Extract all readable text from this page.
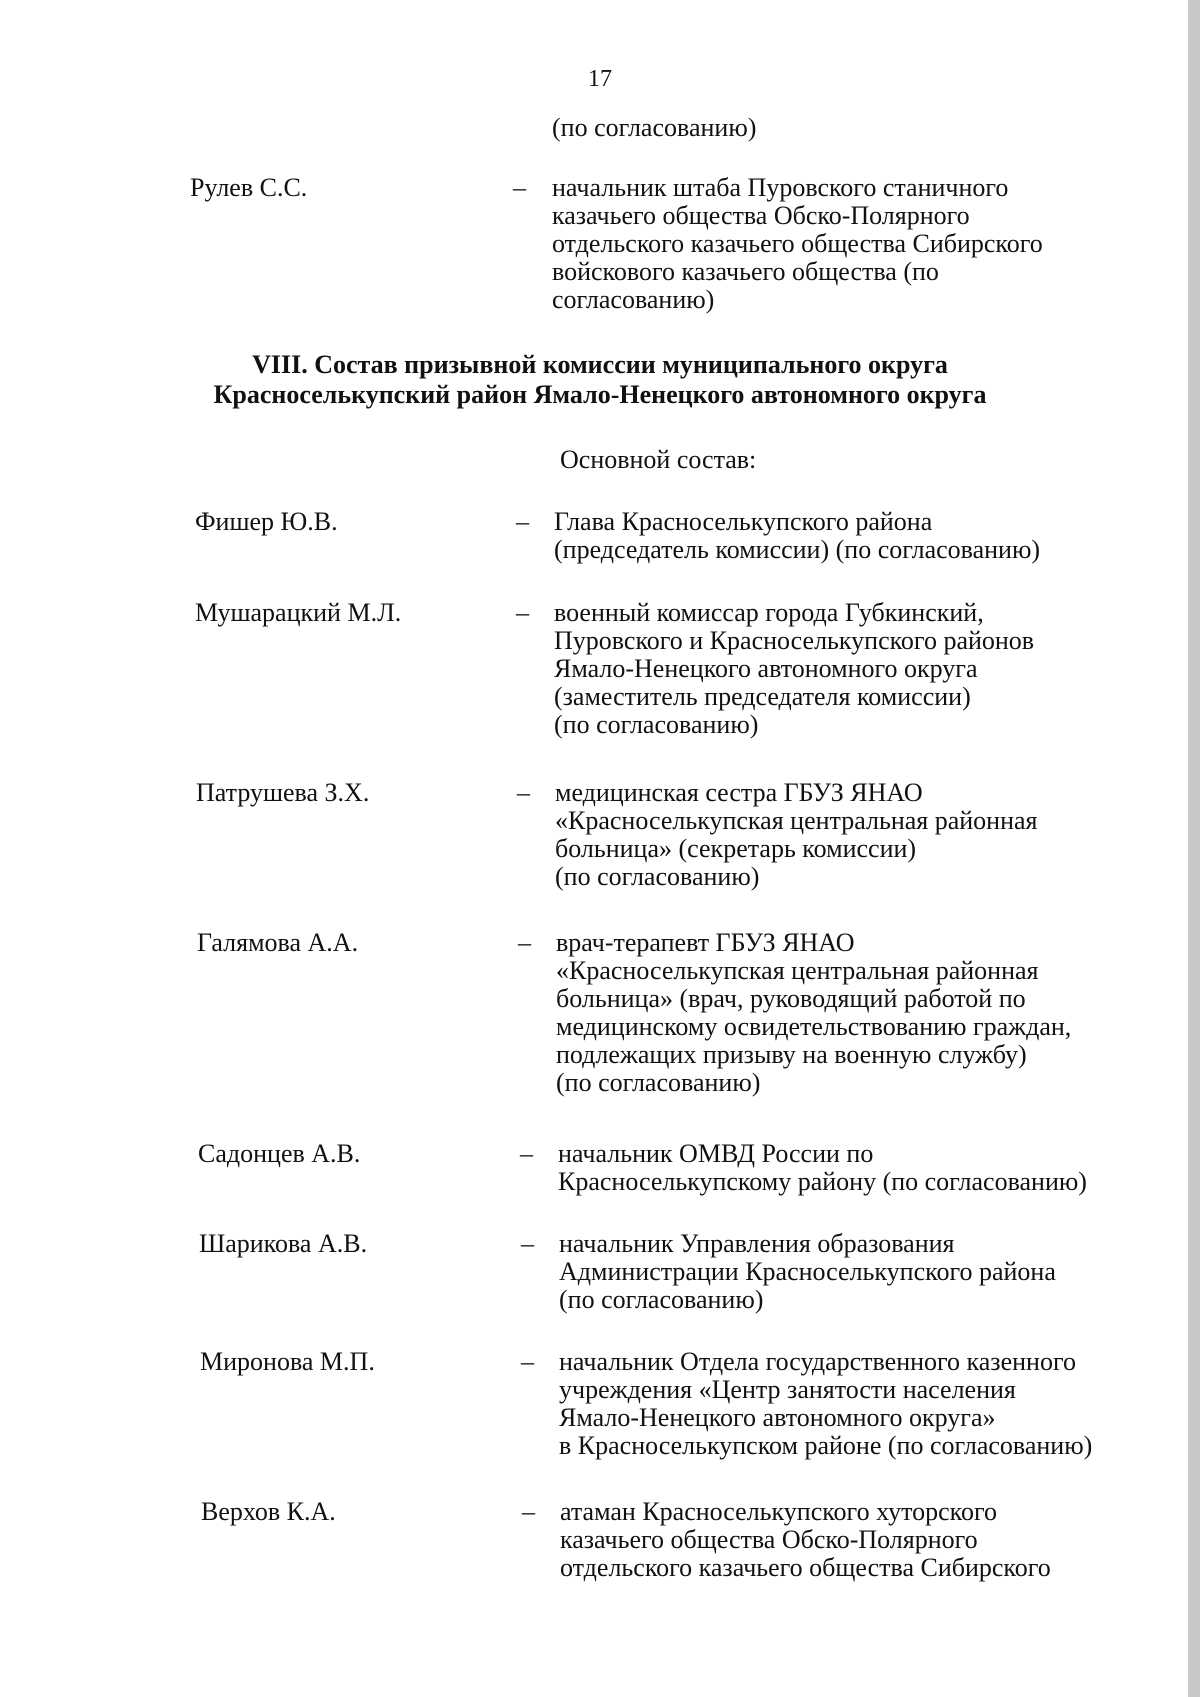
17
(по согласованию)
Рулев С.С.	– начальник штаба Пуровского станичного
казачьего общества Обско-Полярного
отдельского казачьего общества Сибирского
войскового казачьего общества (по
согласованию)
VIII. Состав призывной комиссии муниципального округа
Красноселькупский район Ямало-Ненецкого автономного округа
Основной состав:
Фишер Ю.В.	– Глава Красноселькупского района
(председатель комиссии) (по согласованию)
Мушарацкий М.Л.	– военный комиссар города Губкинский,
Пуровского и Красноселькупского районов
Ямало-Ненецкого автономного округа
(заместитель председателя комиссии)
(по согласованию)
Патрушева З.Х.	– медицинская сестра ГБУЗ ЯНАО
«Красноселькупская центральная районная
больница» (секретарь комиссии)
(по согласованию)
Галямова А.А.	– врач-терапевт ГБУЗ ЯНАО
«Красноселькупская центральная районная
больница» (врач, руководящий работой по
медицинскому освидетельствованию граждан,
подлежащих призыву на военную службу)
(по согласованию)
Садонцев А.В.	– начальник ОМВД России по
Красноселькупскому району (по согласованию)
Шарикова А.В.	– начальник Управления образования
Администрации Красноселькупского района
(по согласованию)
Миронова М.П.	– начальник Отдела государственного казенного
учреждения «Центр занятости населения
Ямало-Ненецкого автономного округа»
в Красноселькупском районе (по согласованию)
Верхов К.А.	– атаман Красноселькупского хуторского
казачьего общества Обско-Полярного
отдельского казачьего общества Сибирского
